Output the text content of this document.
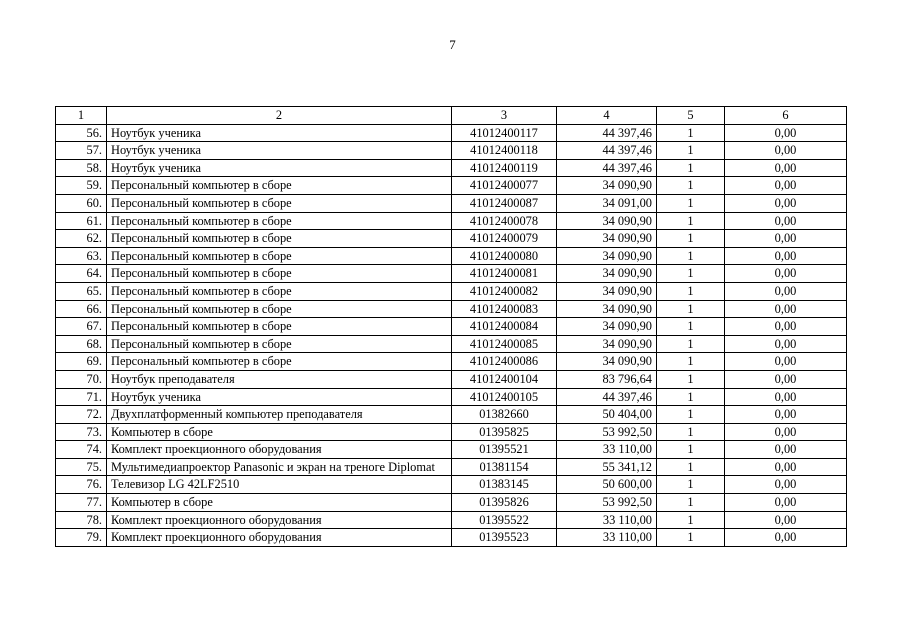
7
1	2	3	4	5	6
56.	Ноутбук ученика	41012400117	44 397,46	1	0,00
57.	Ноутбук ученика	41012400118	44 397,46	1	0,00
58.	Ноутбук ученика	41012400119	44 397,46	1	0,00
59.	Персональный компьютер в сборе	41012400077	34 090,90	1	0,00
60.	Персональный компьютер в сборе	41012400087	34 091,00	1	0,00
61.	Персональный компьютер в сборе	41012400078	34 090,90	1	0,00
62.	Персональный компьютер в сборе	41012400079	34 090,90	1	0,00
63.	Персональный компьютер в сборе	41012400080	34 090,90	1	0,00
64.	Персональный компьютер в сборе	41012400081	34 090,90	1	0,00
65.	Персональный компьютер в сборе	41012400082	34 090,90	1	0,00
66.	Персональный компьютер в сборе	41012400083	34 090,90	1	0,00
67.	Персональный компьютер в сборе	41012400084	34 090,90	1	0,00
68.	Персональный компьютер в сборе	41012400085	34 090,90	1	0,00
69.	Персональный компьютер в сборе	41012400086	34 090,90	1	0,00
70.	Ноутбук преподавателя	41012400104	83 796,64	1	0,00
71.	Ноутбук ученика	41012400105	44 397,46	1	0,00
72.	Двухплатформенный компьютер преподавателя	01382660	50 404,00	1	0,00
73.	Компьютер в сборе	01395825	53 992,50	1	0,00
74.	Комплект проекционного оборудования	01395521	33 110,00	1	0,00
75.	Мультимедиапроектор Panasonic и экран на треноге Diplomat	01381154	55 341,12	1	0,00
76.	Телевизор LG 42LF2510	01383145	50 600,00	1	0,00
77.	Компьютер в сборе	01395826	53 992,50	1	0,00
78.	Комплект проекционного оборудования	01395522	33 110,00	1	0,00
79.	Комплект проекционного оборудования	01395523	33 110,00	1	0,00
